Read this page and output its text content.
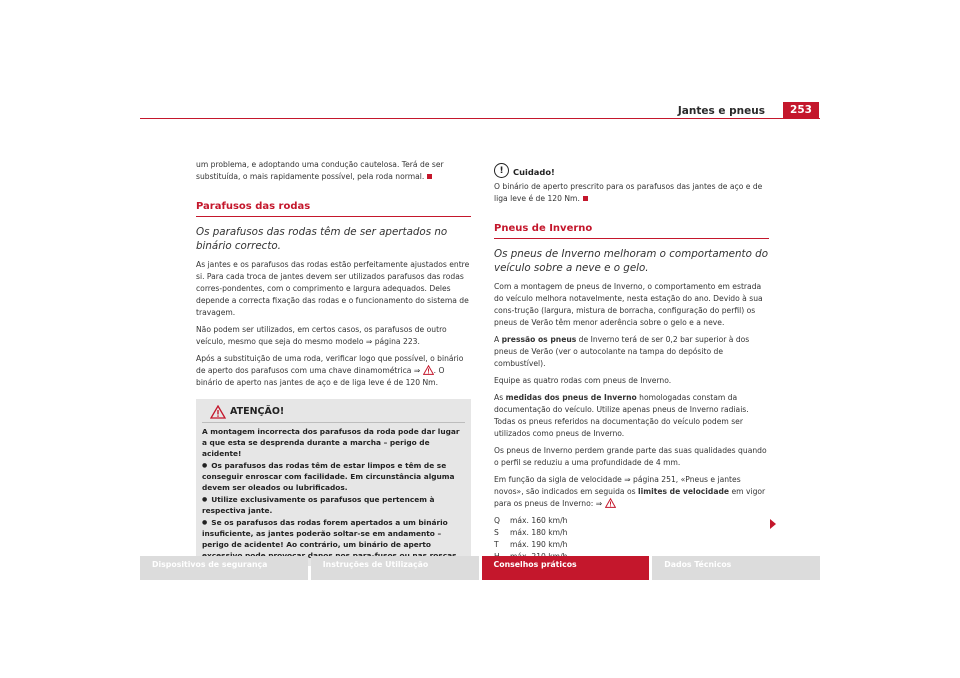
Jantes e pneus	253

um problema, e adoptando uma condução cautelosa. Terá de ser substituída, o mais rapidamente possível, pela roda normal.

Parafusos das rodas
Os parafusos das rodas têm de ser apertados no binário correcto.

As jantes e os parafusos das rodas estão perfeitamente ajustados entre si. Para cada troca de jantes devem ser utilizados parafusos das rodas corres-pondentes, com o comprimento e largura adequados. Deles depende a correcta fixação das rodas e o funcionamento do sistema de travagem.

Não podem ser utilizados, em certos casos, os parafusos de outro veículo, mesmo que seja do mesmo modelo ⇒ página 223.

Após a substituição de uma roda, verificar logo que possível, o binário de aperto dos parafusos com uma chave dinamométrica ⇒ . O binário de aperto nas jantes de aço e de liga leve é de 120 Nm.

ATENÇÃO!

A montagem incorrecta dos parafusos da roda pode dar lugar a que esta se desprenda durante a marcha – perigo de acidente!

● Os parafusos das rodas têm de estar limpos e têm de se conseguir enroscar com facilidade. Em circunstância alguma devem ser oleados ou lubrificados.

● Utilize exclusivamente os parafusos que pertencem à respectiva jante.

● Se os parafusos das rodas forem apertados a um binário insuficiente, as jantes poderão soltar-se em andamento – perigo de acidente! Ao contrário, um binário de aperto

!	Cuidado!

O binário de aperto prescrito para os parafusos das jantes de aço e de liga leve é de 120 Nm.

Pneus de Inverno
Os pneus de Inverno melhoram o comportamento do veículo sobre a neve e o gelo.

Com a montagem de pneus de Inverno, o comportamento em estrada do veículo melhora notavelmente, nesta estação do ano. Devido à sua cons-trução (largura, mistura de borracha, configuração do perfil) os pneus de Verão têm menor aderência sobre o gelo e a neve.

A pressão os pneus de Inverno terá de ser 0,2 bar superior à dos pneus de Verão (ver o autocolante na tampa do depósito de combustível).

Equipe as quatro rodas com pneus de Inverno.

As medidas dos pneus de Inverno homologadas constam da documentação do veículo. Utilize apenas pneus de Inverno radiais. Todas os pneus referidos na documentação do veículo podem ser utilizados como pneus de Inverno.

Os pneus de Inverno perdem grande parte das suas qualidades quando o perfil se reduziu a uma profundidade de 4 mm.

Em função da sigla de velocidade ⇒ página 251, «Pneus e jantes novos», são indicados em seguida os limites de velocidade em vigor para os pneus de Inverno: ⇒

Q	máx. 160 km/h
S	máx. 180 km/h
T	máx. 190 km/h
Dispositivos de segurança	Instruções de Utilização	Conselhos práticos	Dados Técnicos
